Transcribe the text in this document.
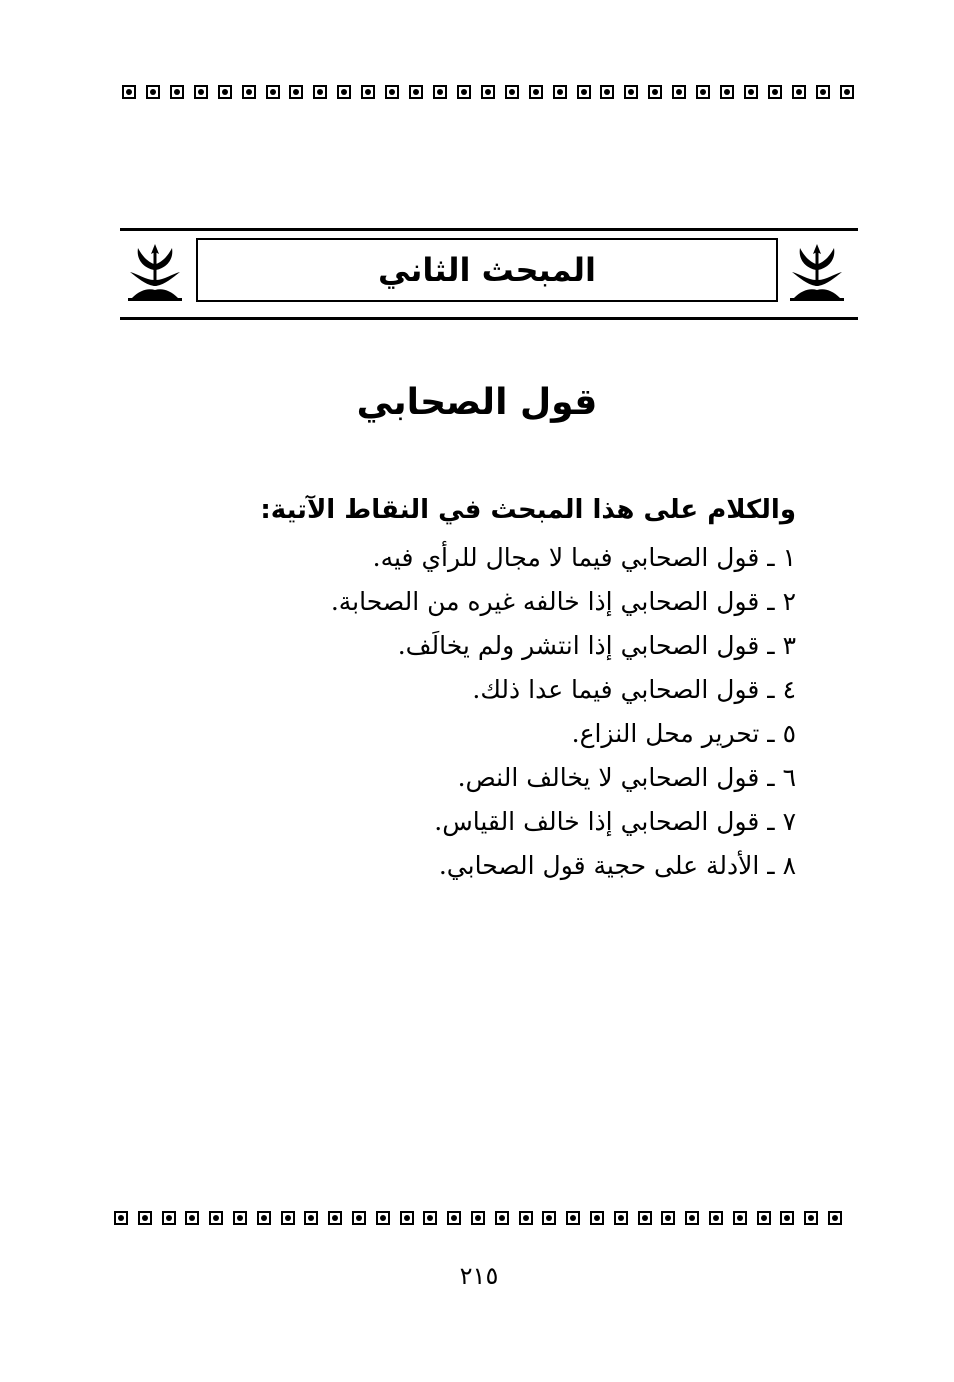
المبحث الثاني
قول الصحابي
والكلام على هذا المبحث في النقاط الآتية:
١ ـ قول الصحابي فيما لا مجال للرأي فيه.
٢ ـ قول الصحابي إذا خالفه غيره من الصحابة.
٣ ـ قول الصحابي إذا انتشر ولم يخالَف.
٤ ـ قول الصحابي فيما عدا ذلك.
٥ ـ تحرير محل النزاع.
٦ ـ قول الصحابي لا يخالف النص.
٧ ـ قول الصحابي إذا خالف القياس.
٨ ـ الأدلة على حجية قول الصحابي.
٢١٥
